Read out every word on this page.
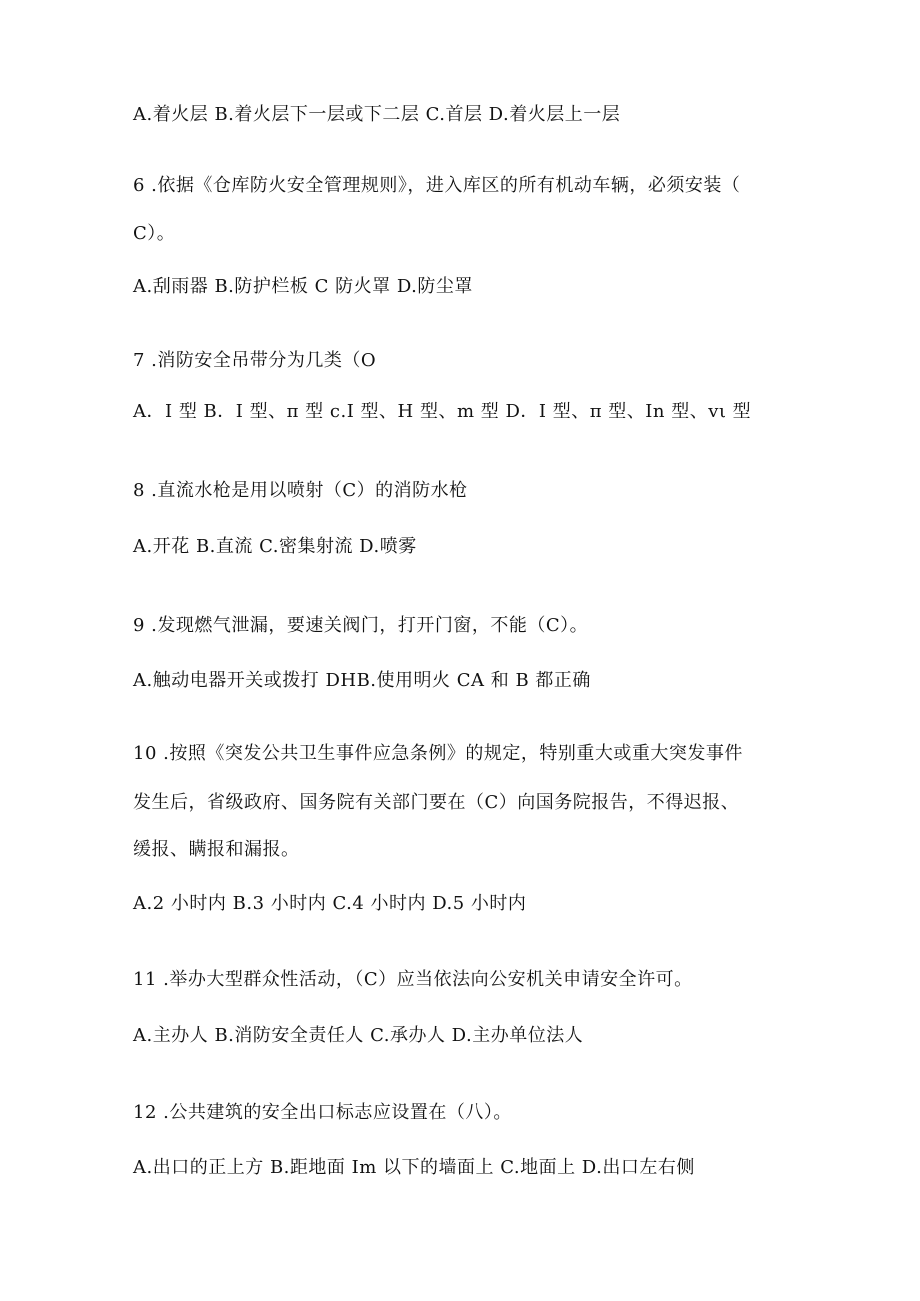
A.着火层 B.着火层下一层或下二层 C.首层 D.着火层上一层
6 .依据《仓库防火安全管理规则》，进入库区的所有机动车辆，必须安装（
C）。
A.刮雨器 B.防护栏板 C 防火罩 D.防尘罩
7 .消防安全吊带分为几类（O
A．I 型 B．I 型、π 型 c.I 型、H 型、m 型 D．I 型、π 型、In 型、vι 型
8 .直流水枪是用以喷射（C）的消防水枪
A.开花 B.直流 C.密集射流 D.喷雾
9 .发现燃气泄漏，要速关阀门，打开门窗，不能（C）。
A.触动电器开关或拨打 DHB.使用明火 CA 和 B 都正确
10 .按照《突发公共卫生事件应急条例》的规定，特别重大或重大突发事件
发生后，省级政府、国务院有关部门要在（C）向国务院报告，不得迟报、
缓报、瞒报和漏报。
A.2 小时内 B.3 小时内 C.4 小时内 D.5 小时内
11 .举办大型群众性活动，（C）应当依法向公安机关申请安全许可。
A.主办人 B.消防安全责任人 C.承办人 D.主办单位法人
12 .公共建筑的安全出口标志应设置在（八）。
A.出口的正上方 B.距地面 Im 以下的墙面上 C.地面上 D.出口左右侧
